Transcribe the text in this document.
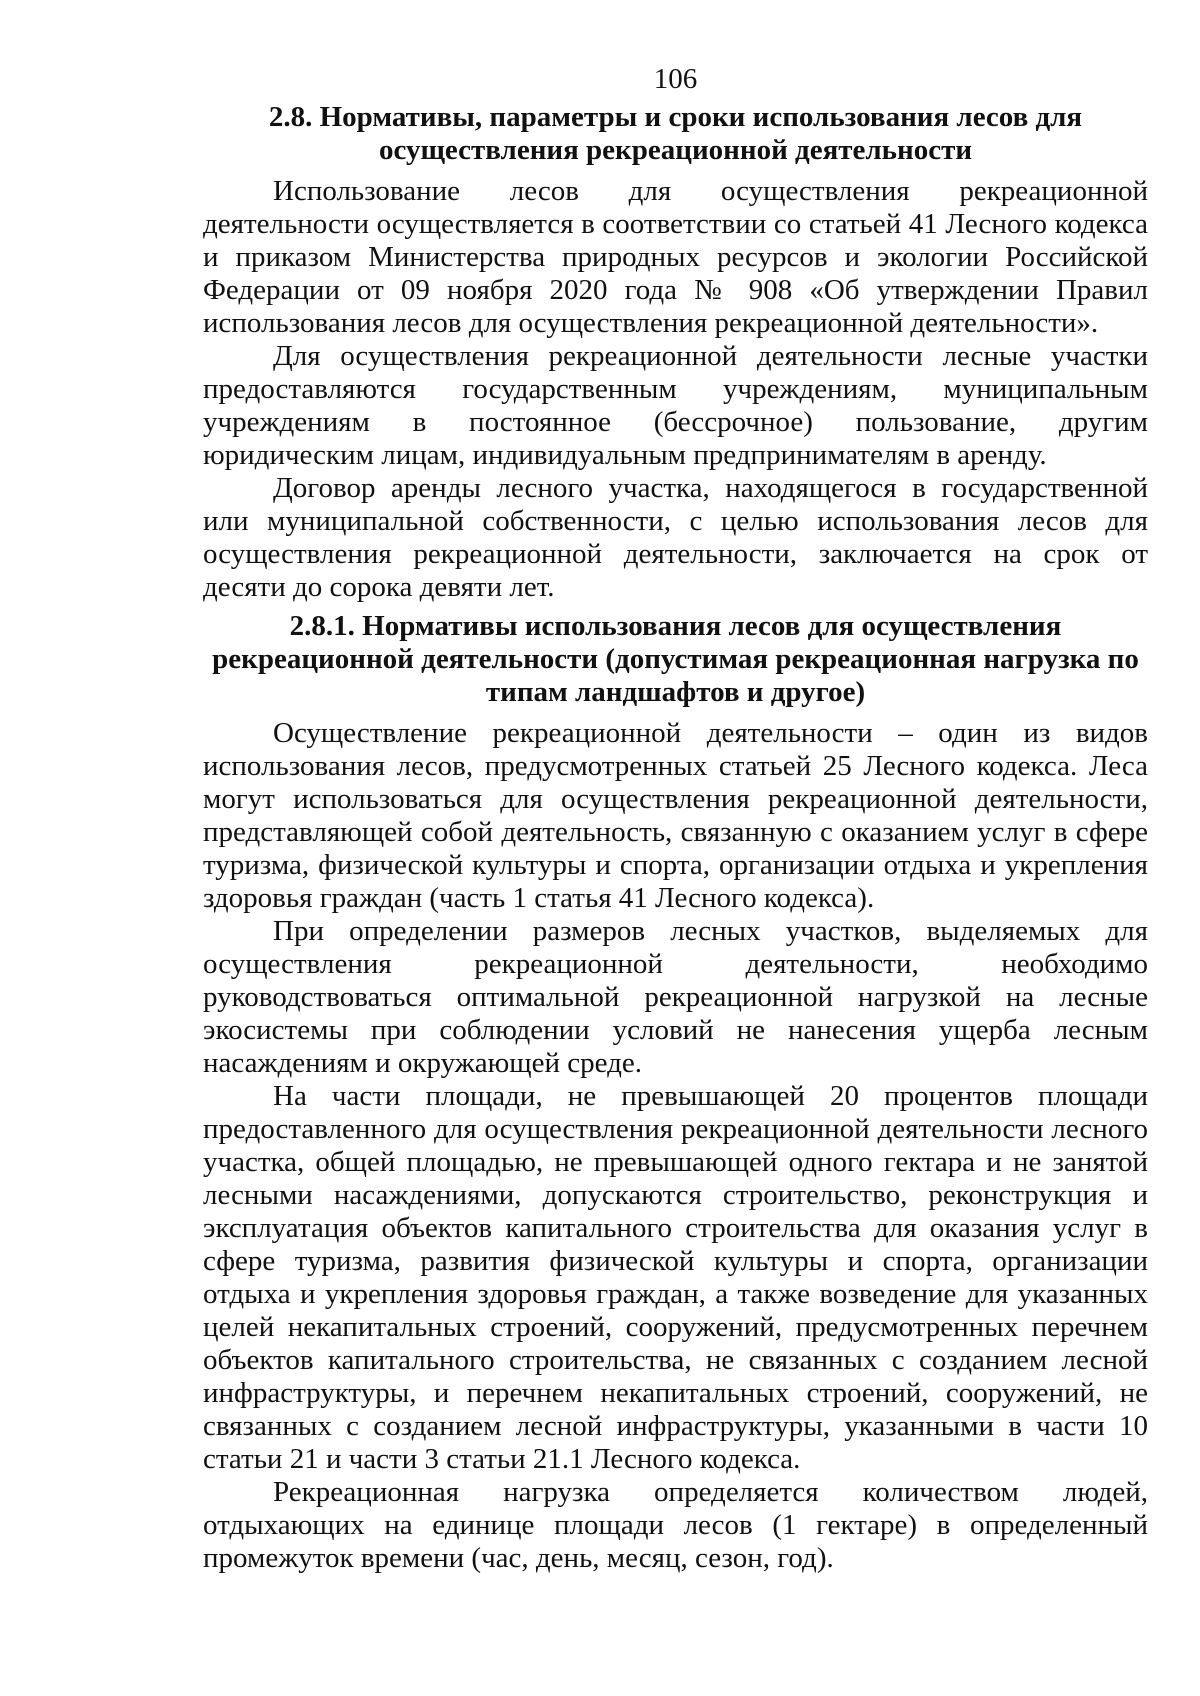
106
2.8. Нормативы, параметры и сроки использования лесов для осуществления рекреационной деятельности

Использование лесов для осуществления рекреационной деятельности осуществляется в соответствии со статьей 41 Лесного кодекса и приказом Министерства природных ресурсов и экологии Российской Федерации от 09 ноября 2020 года № 908 «Об утверждении Правил использования лесов для осуществления рекреационной деятельности».

Для осуществления рекреационной деятельности лесные участки предоставляются государственным учреждениям, муниципальным учреждениям в постоянное (бессрочное) пользование, другим юридическим лицам, индивидуальным предпринимателям в аренду.

Договор аренды лесного участка, находящегося в государственной или муниципальной собственности, с целью использования лесов для осуществления рекреационной деятельности, заключается на срок от десяти до сорока девяти лет.

2.8.1. Нормативы использования лесов для осуществления рекреационной деятельности (допустимая рекреационная нагрузка по типам ландшафтов и другое)

Осуществление рекреационной деятельности – один из видов использования лесов, предусмотренных статьей 25 Лесного кодекса. Леса могут использоваться для осуществления рекреационной деятельности, представляющей собой деятельность, связанную с оказанием услуг в сфере туризма, физической культуры и спорта, организации отдыха и укрепления здоровья граждан (часть 1 статья 41 Лесного кодекса).

При определении размеров лесных участков, выделяемых для осуществления рекреационной деятельности, необходимо руководствоваться оптимальной рекреационной нагрузкой на лесные экосистемы при соблюдении условий не нанесения ущерба лесным насаждениям и окружающей среде.

На части площади, не превышающей 20 процентов площади предоставленного для осуществления рекреационной деятельности лесного участка, общей площадью, не превышающей одного гектара и не занятой лесными насаждениями, допускаются строительство, реконструкция и эксплуатация объектов капитального строительства для оказания услуг в сфере туризма, развития физической культуры и спорта, организации отдыха и укрепления здоровья граждан, а также возведение для указанных целей некапитальных строений, сооружений, предусмотренных перечнем объектов капитального строительства, не связанных с созданием лесной инфраструктуры, и перечнем некапитальных строений, сооружений, не связанных с созданием лесной инфраструктуры, указанными в части 10 статьи 21 и части 3 статьи 21.1 Лесного кодекса.

Рекреационная нагрузка определяется количеством людей, отдыхающих на единице площади лесов (1 гектаре) в определенный промежуток времени (час, день, месяц, сезон, год).
